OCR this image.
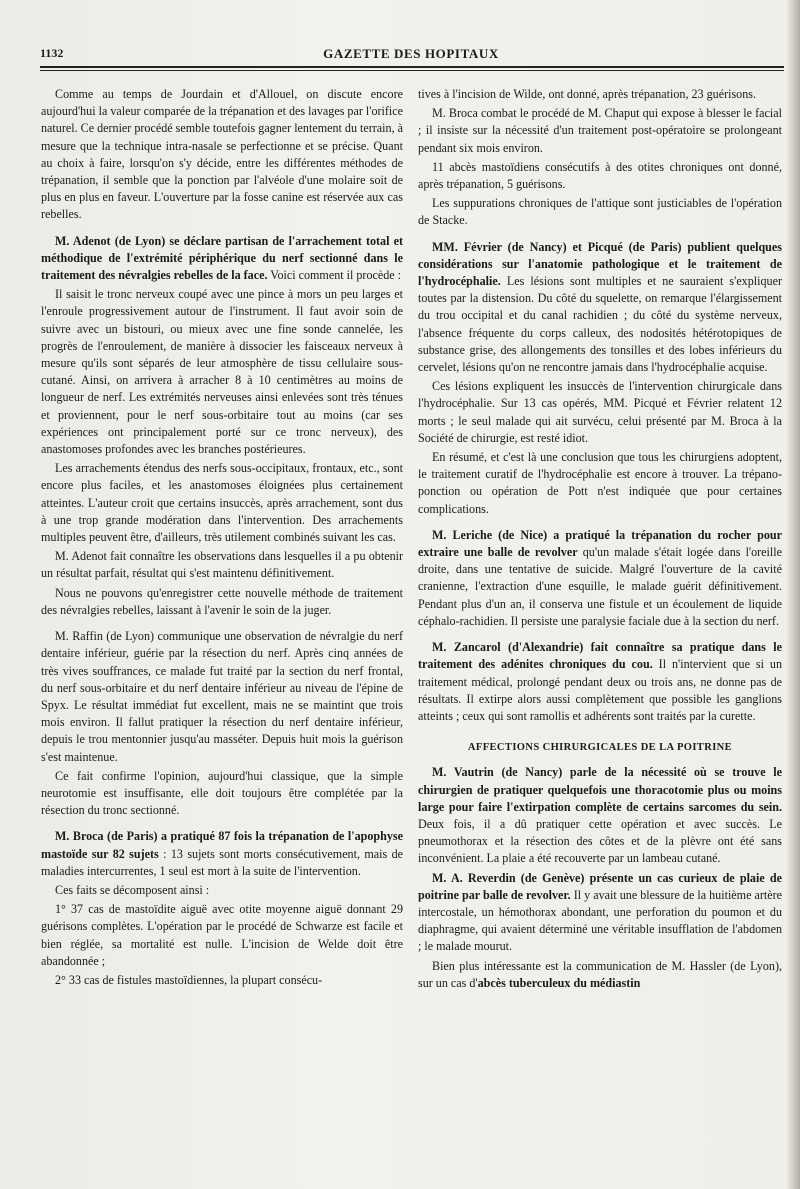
1132	GAZETTE DES HOPITAUX

Comme au temps de Jourdain et d'Allouel, on discute encore aujourd'hui la valeur comparée de la trépanation et des lavages par l'orifice naturel. Ce dernier procédé semble toutefois gagner lentement du terrain, à mesure que la technique intra-nasale se perfectionne et se précise. Quant au choix à faire, lorsqu'on s'y décide, entre les différentes méthodes de trépanation, il semble que la ponction par l'alvéole d'une molaire soit de plus en plus en faveur. L'ouverture par la fosse canine est réservée aux cas rebelles.

M. Adenot (de Lyon) se déclare partisan de l'arrachement total et méthodique de l'extrémité périphérique du nerf sectionné dans le traitement des névralgies rebelles de la face. Voici comment il procède :

Il saisit le tronc nerveux coupé avec une pince à mors un peu larges et l'enroule progressivement autour de l'instrument. Il faut avoir soin de suivre avec un bistouri, ou mieux avec une fine sonde cannelée, les progrès de l'enroulement, de manière à dissocier les faisceaux nerveux à mesure qu'ils sont séparés de leur atmosphère de tissu cellulaire sous-cutané. Ainsi, on arrivera à arracher 8 à 10 centimètres au moins de longueur de nerf. Les extrémités nerveuses ainsi enlevées sont très ténues et proviennent, pour le nerf sous-orbitaire tout au moins (car ses expériences ont principalement porté sur ce tronc nerveux), des anastomoses profondes avec les branches postérieures.

Les arrachements étendus des nerfs sous-occipitaux, frontaux, etc., sont encore plus faciles, et les anastomoses éloignées plus certainement atteintes. L'auteur croit que certains insuccès, après arrachement, sont dus à une trop grande modération dans l'intervention. Des arrachements multiples peuvent être, d'ailleurs, très utilement combinés suivant les cas.

M. Adenot fait connaître les observations dans lesquelles il a pu obtenir un résultat parfait, résultat qui s'est maintenu définitivement.

Nous ne pouvons qu'enregistrer cette nouvelle méthode de traitement des névralgies rebelles, laissant à l'avenir le soin de la juger.

M. Raffin (de Lyon) communique une observation de névralgie du nerf dentaire inférieur, guérie par la résection du nerf. Après cinq années de très vives souffrances, ce malade fut traité par la section du nerf frontal, du nerf sous-orbitaire et du nerf dentaire inférieur au niveau de l'épine de Spyx. Le résultat immédiat fut excellent, mais ne se maintint que trois mois environ. Il fallut pratiquer la résection du nerf dentaire inférieur, depuis le trou mentonnier jusqu'au masséter. Depuis huit mois la guérison s'est maintenue.

Ce fait confirme l'opinion, aujourd'hui classique, que la simple neurotomie est insuffisante, elle doit toujours être complétée par la résection du tronc sectionné.

M. Broca (de Paris) a pratiqué 87 fois la trépanation de l'apophyse mastoïde sur 82 sujets : 13 sujets sont morts consécutivement, mais de maladies intercurrentes, 1 seul est mort à la suite de l'intervention.

Ces faits se décomposent ainsi :

1° 37 cas de mastoïdite aiguë avec otite moyenne aiguë donnant 29 guérisons complètes. L'opération par le procédé de Schwarze est facile et bien réglée, sa mortalité est nulle. L'incision de Welde doit être abandonnée ;

2° 33 cas de fistules mastoïdiennes, la plupart consécu-

tives à l'incision de Wilde, ont donné, après trépanation, 23 guérisons.

M. Broca combat le procédé de M. Chaput qui expose à blesser le facial ; il insiste sur la nécessité d'un traitement post-opératoire se prolongeant pendant six mois environ.

11 abcès mastoïdiens consécutifs à des otites chroniques ont donné, après trépanation, 5 guérisons.

Les suppurations chroniques de l'attique sont justiciables de l'opération de Stacke.

MM. Février (de Nancy) et Picqué (de Paris) publient quelques considérations sur l'anatomie pathologique et le traitement de l'hydrocéphalie. Les lésions sont multiples et ne sauraient s'expliquer toutes par la distension. Du côté du squelette, on remarque l'élargissement du trou occipital et du canal rachidien ; du côté du système nerveux, l'absence fréquente du corps calleux, des nodosités hétérotopiques de substance grise, des allongements des tonsilles et des lobes inférieurs du cervelet, lésions qu'on ne rencontre jamais dans l'hydrocéphalie acquise.

Ces lésions expliquent les insuccès de l'intervention chirurgicale dans l'hydrocéphalie. Sur 13 cas opérés, MM. Picqué et Février relatent 12 morts ; le seul malade qui ait survécu, celui présenté par M. Broca à la Société de chirurgie, est resté idiot.

En résumé, et c'est là une conclusion que tous les chirurgiens adoptent, le traitement curatif de l'hydrocéphalie est encore à trouver. La trépano-ponction ou opération de Pott n'est indiquée que pour certaines complications.

M. Leriche (de Nice) a pratiqué la trépanation du rocher pour extraire une balle de revolver qu'un malade s'était logée dans l'oreille droite, dans une tentative de suicide. Malgré l'ouverture de la cavité cranienne, l'extraction d'une esquille, le malade guérit définitivement. Pendant plus d'un an, il conserva une fistule et un écoulement de liquide céphalo-rachidien. Il persiste une paralysie faciale due à la section du nerf.

M. Zancarol (d'Alexandrie) fait connaître sa pratique dans le traitement des adénites chroniques du cou. Il n'intervient que si un traitement médical, prolongé pendant deux ou trois ans, ne donne pas de résultats. Il extirpe alors aussi complètement que possible les ganglions atteints ; ceux qui sont ramollis et adhérents sont traités par la curette.

AFFECTIONS CHIRURGICALES DE LA POITRINE

M. Vautrin (de Nancy) parle de la nécessité où se trouve le chirurgien de pratiquer quelquefois une thoracotomie plus ou moins large pour faire l'extirpation complète de certains sarcomes du sein. Deux fois, il a dû pratiquer cette opération et avec succès. Le pneumothorax et la résection des côtes et de la plèvre ont été sans inconvénient. La plaie a été recouverte par un lambeau cutané.

M. A. Reverdin (de Genève) présente un cas curieux de plaie de poitrine par balle de revolver. Il y avait une blessure de la huitième artère intercostale, un hémothorax abondant, une perforation du poumon et du diaphragme, qui avaient déterminé une véritable insufflation de l'abdomen ; le malade mourut.

Bien plus intéressante est la communication de M. Hassler (de Lyon), sur un cas d'abcès tuberculeux du médiastin
